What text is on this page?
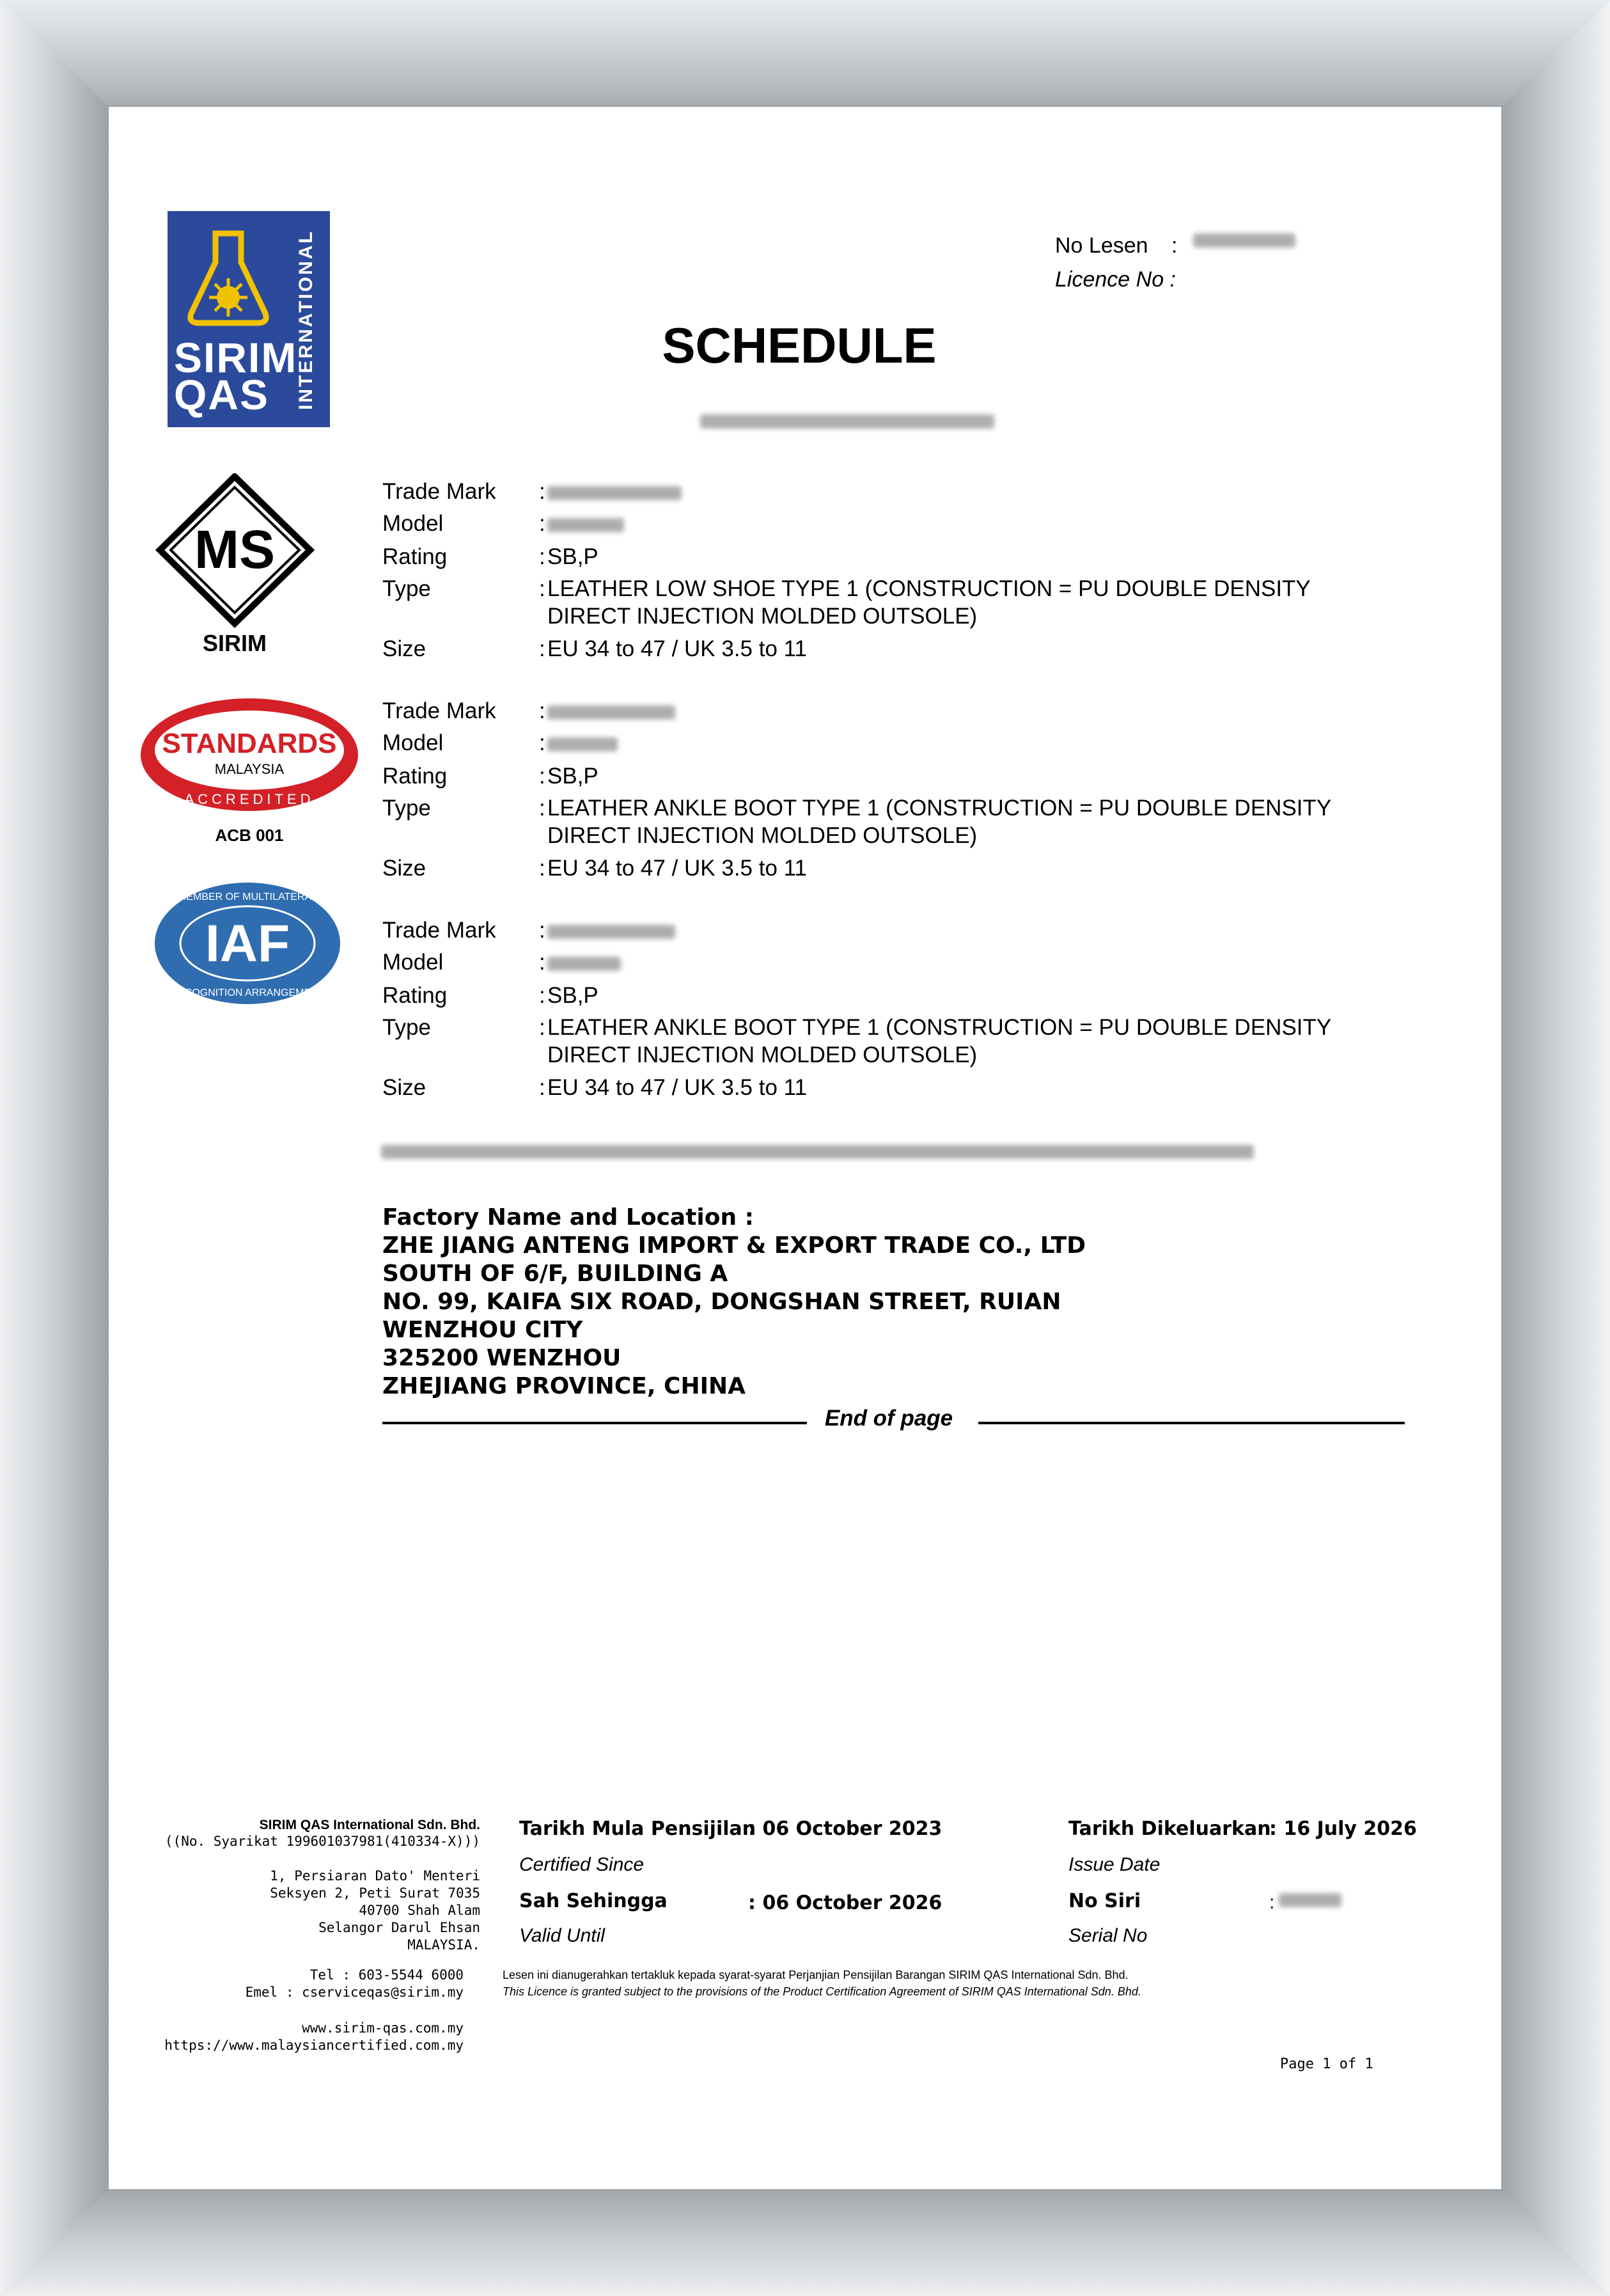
SIRIM
QAS	INTERNATIONAL	No Lesen :
Licence No :
SCHEDULE
MS
SIRIM
STANDARDS
MALAYSIA
ACCREDITED
ACB 001
IAF
MEMBER OF MULTILATERAL
RECOGNITION ARRANGEMENT
Trade Mark	:
Model	:
Rating	: SB,P
Type	: LEATHER LOW SHOE TYPE 1 (CONSTRUCTION = PU DOUBLE DENSITY
DIRECT INJECTION MOLDED OUTSOLE)
Size	: EU 34 to 47 / UK 3.5 to 11
Trade Mark	:
Model	:
Rating	: SB,P
Type	: LEATHER ANKLE BOOT TYPE 1 (CONSTRUCTION = PU DOUBLE DENSITY
DIRECT INJECTION MOLDED OUTSOLE)
Size	: EU 34 to 47 / UK 3.5 to 11
Trade Mark	:
Model	:
Rating	: SB,P
Type	: LEATHER ANKLE BOOT TYPE 1 (CONSTRUCTION = PU DOUBLE DENSITY
DIRECT INJECTION MOLDED OUTSOLE)
Size	: EU 34 to 47 / UK 3.5 to 11
Factory Name and Location :
ZHE JIANG ANTENG IMPORT & EXPORT TRADE CO., LTD
SOUTH OF 6/F, BUILDING A
NO. 99, KAIFA SIX ROAD, DONGSHAN STREET, RUIAN
WENZHOU CITY
325200 WENZHOU
ZHEJIANG PROVINCE, CHINA
End of page
SIRIM QAS International Sdn. Bhd.
((No. Syarikat 199601037981(410334-X)))
1, Persiaran Dato' Menteri
Seksyen 2, Peti Surat 7035
40700 Shah Alam
Selangor Darul Ehsan
MALAYSIA.
Tel : 603-5544 6000
Emel : cserviceqas@sirim.my
www.sirim-qas.com.my
https://www.malaysiancertified.com.my
Tarikh Mula Pensijilan
: 06 October 2023
Certified Since
Sah Sehingga	: 06 October 2026
Valid Until
Tarikh Dikeluarkan
: 16 July 2026
Issue Date
No Siri	:
Serial No
Lesen ini dianugerahkan tertakluk kepada syarat-syarat Perjanjian Pensijilan Barangan SIRIM QAS International Sdn. Bhd.
This Licence is granted subject to the provisions of the Product Certification Agreement of SIRIM QAS International Sdn. Bhd.
Page 1 of 1
